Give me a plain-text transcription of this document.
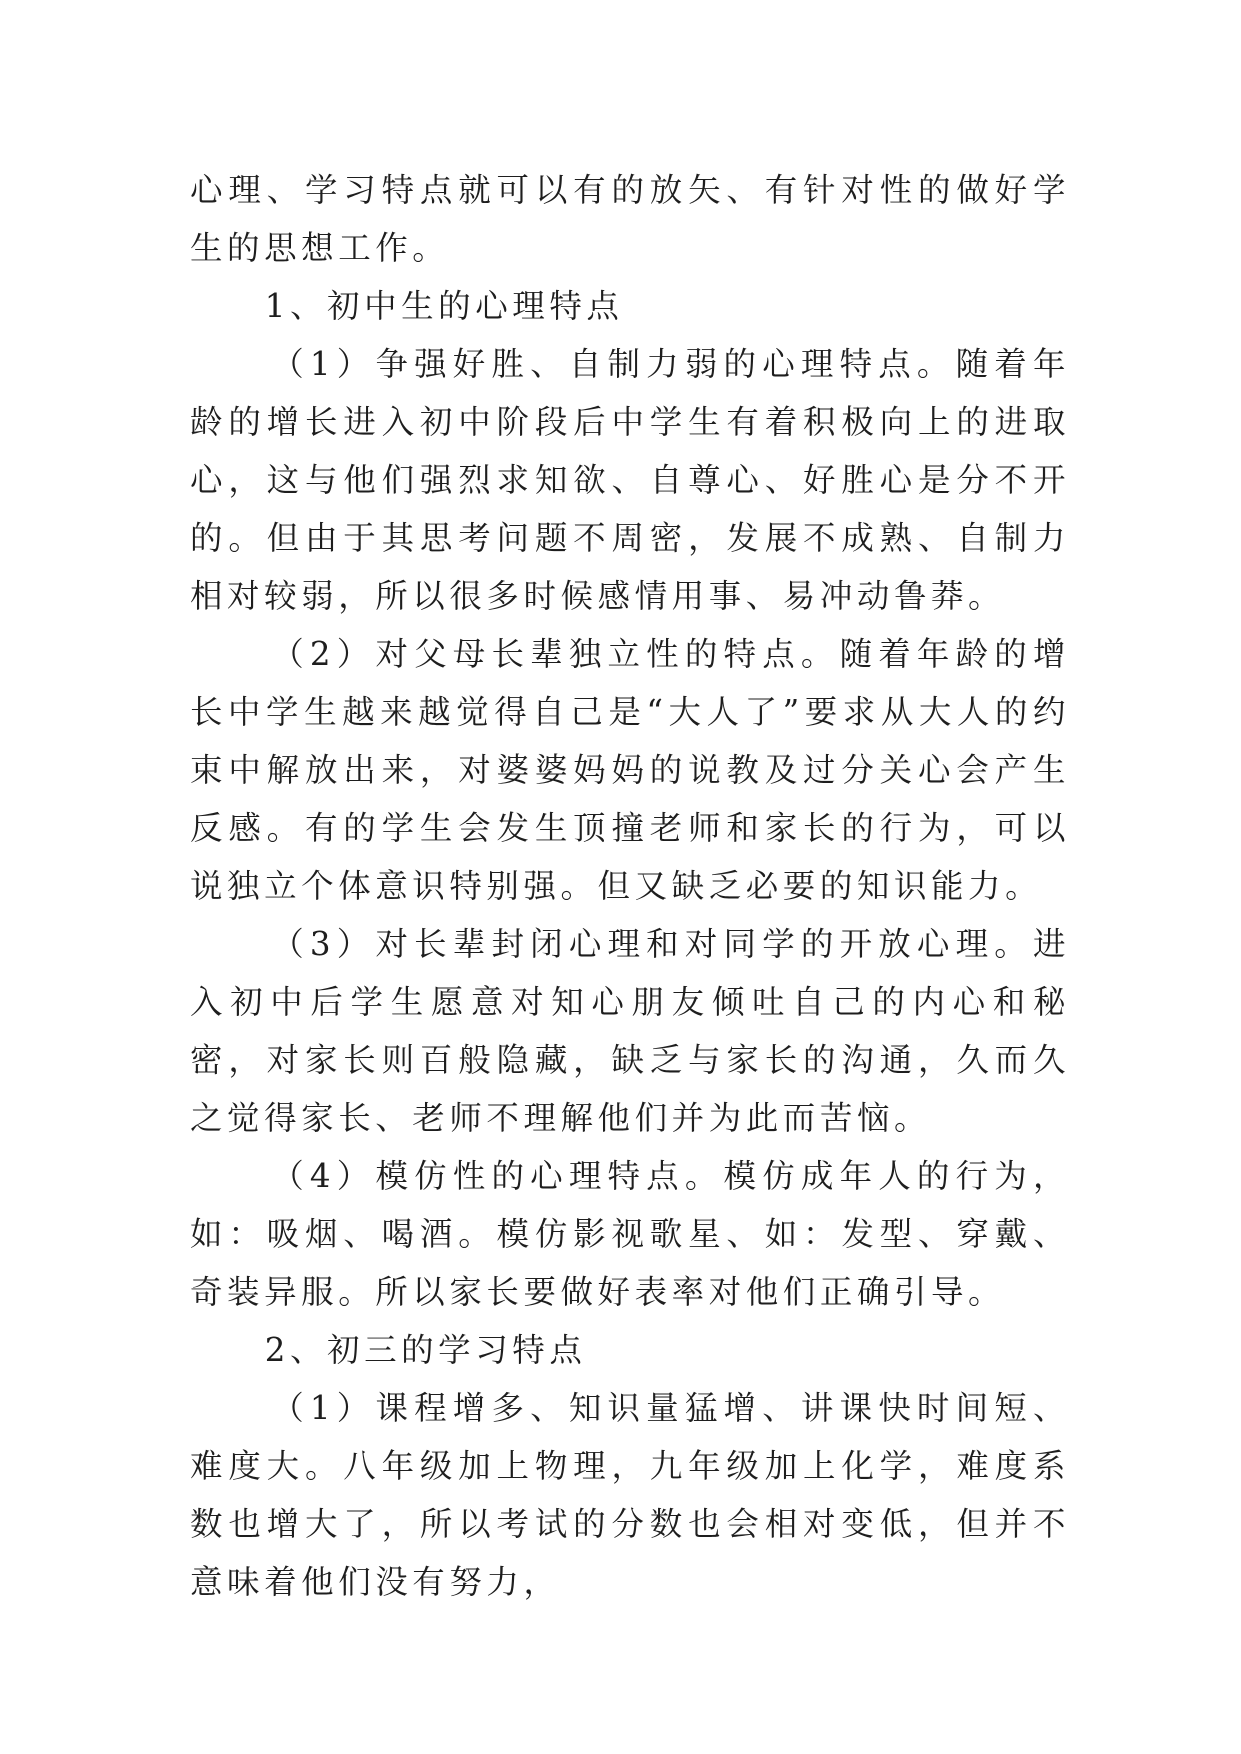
心理、学习特点就可以有的放矢、有针对性的做好学生的思想工作。

1、初中生的心理特点

（1）争强好胜、自制力弱的心理特点。随着年龄的增长进入初中阶段后中学生有着积极向上的进取心，这与他们强烈求知欲、自尊心、好胜心是分不开的。但由于其思考问题不周密，发展不成熟、自制力相对较弱，所以很多时候感情用事、易冲动鲁莽。

（2）对父母长辈独立性的特点。随着年龄的增长中学生越来越觉得自己是“大人了”要求从大人的约束中解放出来，对婆婆妈妈的说教及过分关心会产生反感。有的学生会发生顶撞老师和家长的行为，可以说独立个体意识特别强。但又缺乏必要的知识能力。

（3）对长辈封闭心理和对同学的开放心理。进入初中后学生愿意对知心朋友倾吐自己的内心和秘密，对家长则百般隐藏，缺乏与家长的沟通，久而久之觉得家长、老师不理解他们并为此而苦恼。

（4）模仿性的心理特点。模仿成年人的行为，如：吸烟、喝酒。模仿影视歌星、如：发型、穿戴、奇装异服。所以家长要做好表率对他们正确引导。

2、初三的学习特点

（1）课程增多、知识量猛增、讲课快时间短、难度大。八年级加上物理，九年级加上化学，难度系数也增大了，所以考试的分数也会相对变低，但并不意味着他们没有努力，
